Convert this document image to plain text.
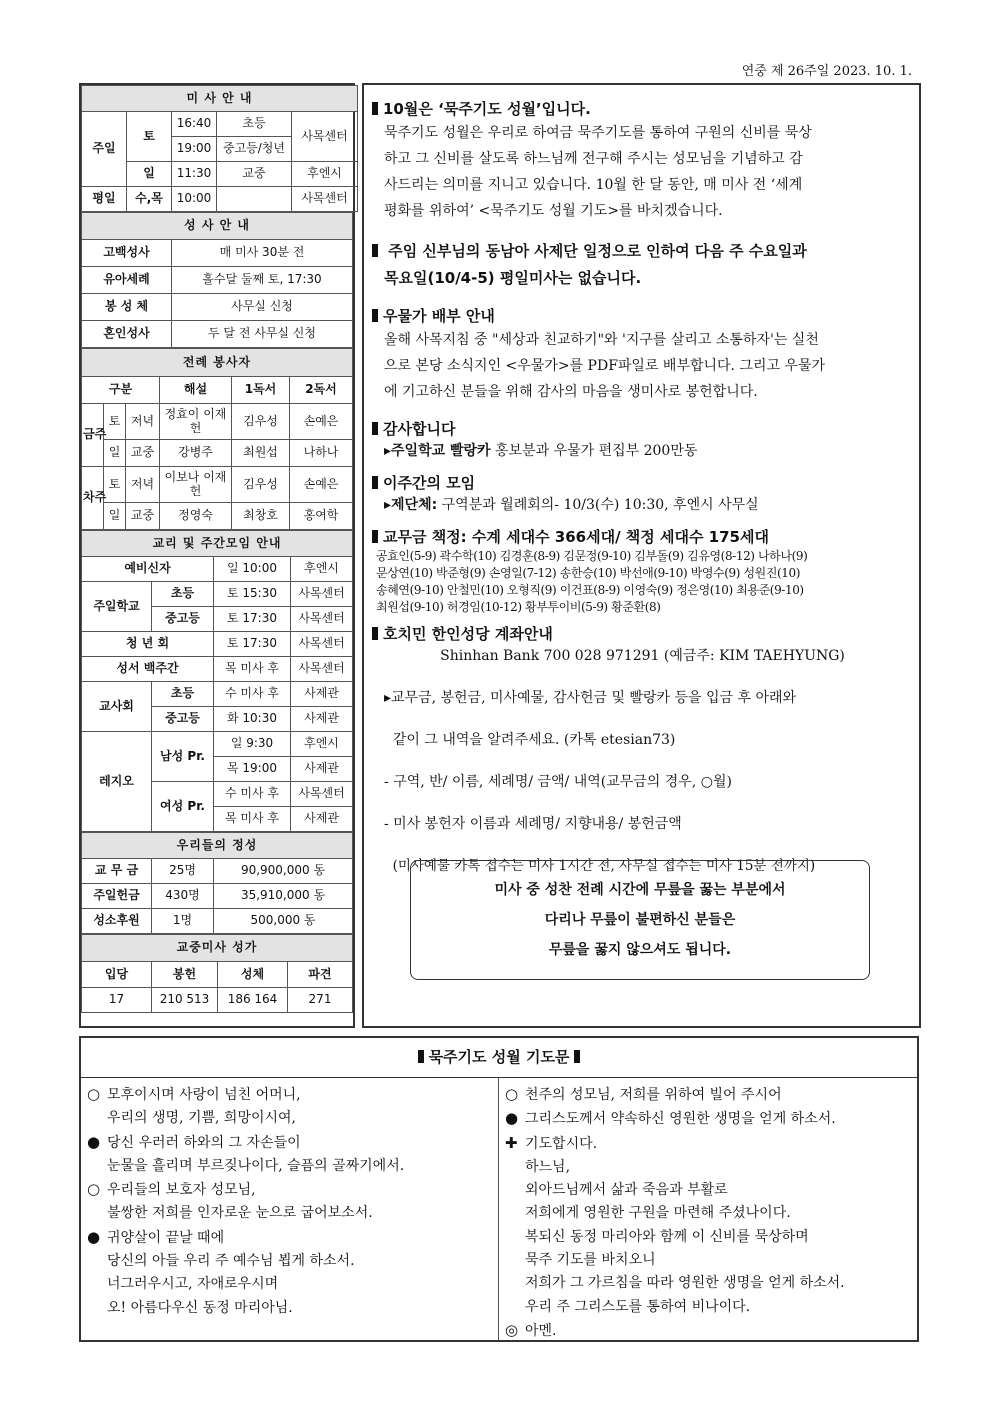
연중 제 26주일 2023. 10. 1.
미 사 안 내				
주일	토	16:40	초등	사목센터
		19:00	중고등/청년	
	일	11:30	교중	후엔시
평일	수,목	10:00		사목센터
성 사 안 내	
고백성사	매 미사 30분 전
유아세례	홀수달 둘째 토, 17:30
봉 성 체	사무실 신청
혼인성사	두 달 전 사무실 신청
전례 봉사자					
구분			해설	1독서	2독서
금주	토	저녁	정효이 이재헌	김우성	손예은
	일	교중	강병주	최원섭	나하나
차주	토	저녁	이보나 이재헌	김우성	손예은
	일	교중	정영숙	최창호	홍여학
교리 및 주간모임 안내			
예비신자		일 10:00	후엔시
주일학교	초등	토 15:30	사목센터
	중고등	토 17:30	사목센터
청 년 회		토 17:30	사목센터
성서 백주간		목 미사 후	사목센터
교사회	초등	수 미사 후	사제관
	중고등	화 10:30	사제관
레지오	남성 Pr.	일 9:30	후엔시
		목 19:00	사제관
	여성 Pr.	수 미사 후	사목센터
		목 미사 후	사제관
우리들의 정성		
교 무 금	25명	90,900,000 동
주일헌금	430명	35,910,000 동
성소후원	1명	500,000 동
교중미사 성가			
입당	봉헌	성체	파견
17	210 513	186 164	271
10월은 ‘묵주기도 성월’입니다.
묵주기도 성월은 우리로 하여금 묵주기도를 통하여 구원의 신비를 묵상
하고 그 신비를 살도록 하느님께 전구해 주시는 성모님을 기념하고 감
사드리는 의미를 지니고 있습니다. 10월 한 달 동안, 매 미사 전 ‘세계
평화를 위하여’ <묵주기도 성월 기도>를 바치겠습니다.
주임 신부님의 동남아 사제단 일정으로 인하여 다음 주 수요일과
목요일(10/4-5) 평일미사는 없습니다.
우물가 배부 안내
올해 사목지침 중 "세상과 친교하기"와 '지구를 살리고 소통하자'는 실천
으로 본당 소식지인 <우물가>를 PDF파일로 배부합니다. 그리고 우물가
에 기고하신 분들을 위해 감사의 마음을 생미사로 봉헌합니다.
감사합니다
▸주일학교 빨랑카 홍보분과 우물가 편집부 200만동
이주간의 모임
▸제단체: 구역분과 월례회의- 10/3(수) 10:30, 후엔시 사무실
교무금 책정: 수계 세대수 366세대/ 책정 세대수 175세대
공효인(5-9) 곽수학(10) 김경훈(8-9) 김문정(9-10) 김부돌(9) 김유영(8-12) 나하나(9)
문상연(10) 박준형(9) 손영일(7-12) 송한승(10) 박선애(9-10) 박영수(9) 성원진(10)
송혜연(9-10) 안철민(10) 오형직(9) 이건표(8-9) 이영숙(9) 정은영(10) 최용준(9-10)
최원섭(9-10) 허경임(10-12) 황부투이비(5-9) 황준환(8)
호치민 한인성당 계좌안내
Shinhan Bank 700 028 971291 (예금주: KIM TAEHYUNG)

▸교무금, 봉헌금, 미사예물, 감사헌금 및 빨랑카 등을 입금 후 아래와

같이 그 내역을 알려주세요. (카톡 etesian73)

- 구역, 반/ 이름, 세례명/ 금액/ 내역(교무금의 경우, ○월)

- 미사 봉헌자 이름과 세례명/ 지향내용/ 봉헌금액

(미사예물 카톡 접수는 미사 1시간 전, 사무실 접수는 미사 15분 전까지)

미사 중 성찬 전례 시간에 무릎을 꿇는 부분에서
다리나 무릎이 불편하신 분들은
무릎을 꿇지 않으셔도 됩니다.
묵주기도 성월 기도문
○ 모후이시며 사랑이 넘친 어머니,
우리의 생명, 기쁨, 희망이시여,
● 당신 우러러 하와의 그 자손들이
눈물을 흘리며 부르짖나이다, 슬픔의 골짜기에서.
○ 우리들의 보호자 성모님,
불쌍한 저희를 인자로운 눈으로 굽어보소서.
● 귀양살이 끝날 때에
당신의 아들 우리 주 예수님 뵙게 하소서.
너그러우시고, 자애로우시며
오! 아름다우신 동정 마리아님.
○ 천주의 성모님, 저희를 위하여 빌어 주시어
● 그리스도께서 약속하신 영원한 생명을 얻게 하소서.
✚ 기도합시다.
하느님,
외아드님께서 삶과 죽음과 부활로
저희에게 영원한 구원을 마련해 주셨나이다.
복되신 동정 마리아와 함께 이 신비를 묵상하며
묵주 기도를 바치오니
저희가 그 가르침을 따라 영원한 생명을 얻게 하소서.
우리 주 그리스도를 통하여 비나이다.
◎ 아멘.
